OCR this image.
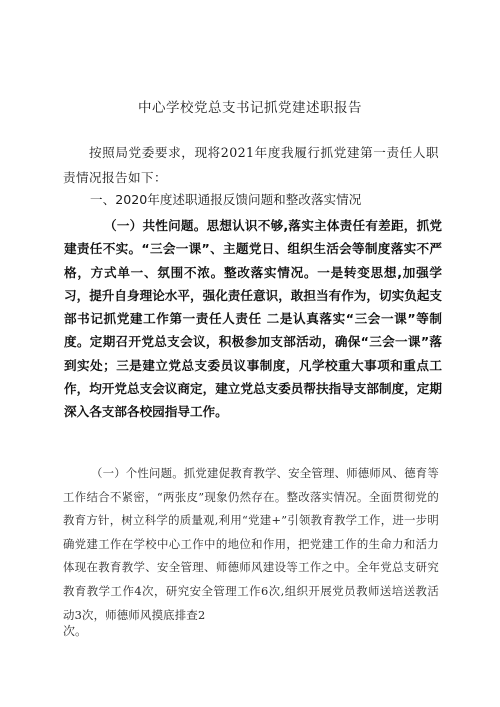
中心学校党总支书记抓党建述职报告

按照局党委要求，现将2021年度我履行抓党建第一责任人职责情况报告如下：

一、2020年度述职通报反馈问题和整改落实情况

（一）共性问题。思想认识不够,落实主体责任有差距，抓党建责任不实。“三会一课”、主题党日、组织生活会等制度落实不严格，方式单一、氛围不浓。整改落实情况。一是转变思想,加强学习，提升自身理论水平，强化责任意识，敢担当有作为，切实负起支部书记抓党建工作第一责任人责任 二是认真落实“三会一课”等制度。定期召开党总支会议，积极参加支部活动，确保“三会一课”落到实处；三是建立党总支委员议事制度，凡学校重大事项和重点工作，均开党总支会议商定，建立党总支委员帮扶指导支部制度，定期深入各支部各校园指导工作。

（一）个性问题。抓党建促教育教学、安全管理、师德师风、德育等工作结合不紧密，“两张皮”现象仍然存在。整改落实情况。全面贯彻党的教育方针，树立科学的质量观,利用“党建+”引领教育教学工作，进一步明确党建工作在学校中心工作中的地位和作用，把党建工作的生命力和活力体现在教育教学、安全管理、师德师风建设等工作之中。全年党总支研究教育教学工作4次，研究安全管理工作6次,组织开展党员教师送培送教活动3次，师德师风摸底排查2

次。
